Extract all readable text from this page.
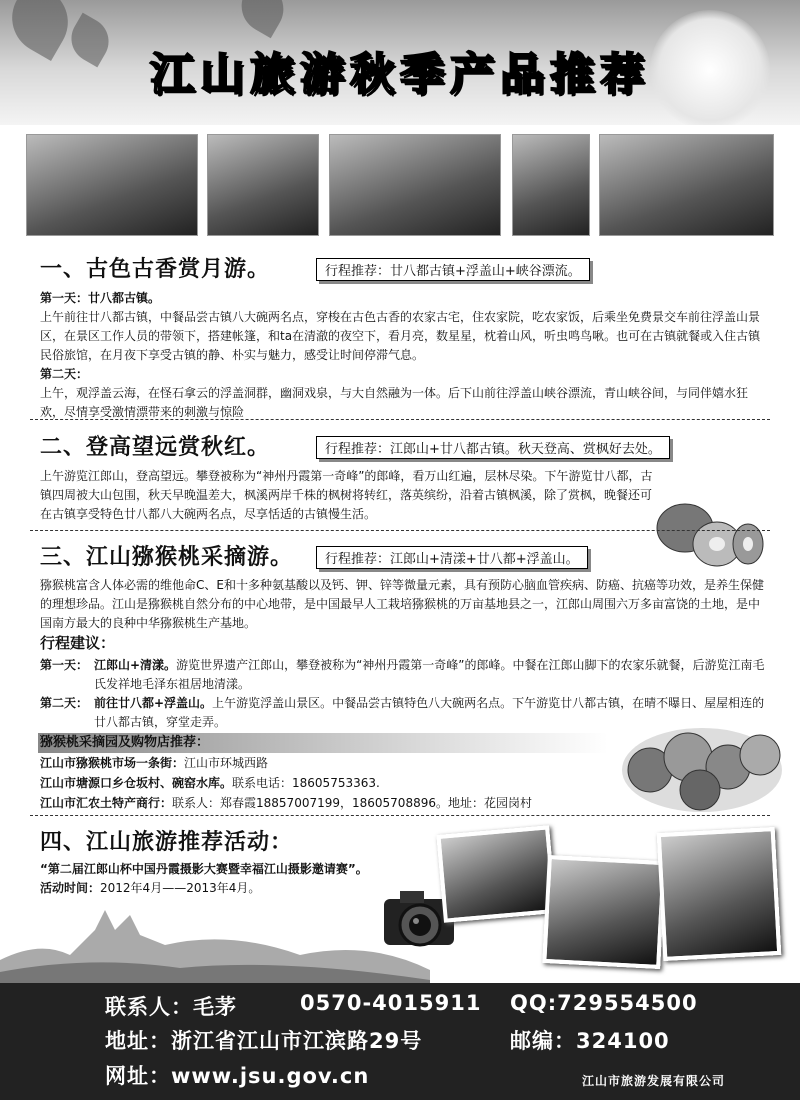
江山旅游秋季产品推荐
一、古色古香赏月游。	行程推荐：廿八都古镇+浮盖山+峡谷漂流。
第一天：廿八都古镇。
上午前往廿八都古镇，中餐品尝古镇八大碗两名点，穿梭在古色古香的农家古宅，住农家院，吃农家饭，后乘坐免费景交车前往浮盖山景区，在景区工作人员的带领下，搭建帐篷，和ta在清澈的夜空下，看月亮，数星星，枕着山风，听虫鸣鸟啾。也可在古镇就餐或入住古镇民俗旅馆，在月夜下享受古镇的静、朴实与魅力，感受让时间停滞气息。
第二天：
上午，观浮盖云海，在怪石拿云的浮盖洞群，幽洞戏泉，与大自然融为一体。后下山前往浮盖山峡谷漂流，青山峡谷间，与同伴嬉水狂欢，尽情享受激情漂带来的刺激与惊险
二、登高望远赏秋红。	行程推荐：江郎山+廿八都古镇。秋天登高、赏枫好去处。
上午游览江郎山，登高望远。攀登被称为“神州丹霞第一奇峰”的郎峰，看万山红遍，层林尽染。下午游览廿八都，古镇四周被大山包围，秋天早晚温差大，枫溪两岸千株的枫树将转红，落英缤纷，沿着古镇枫溪，除了赏枫，晚餐还可在古镇享受特色廿八都八大碗两名点，尽享恬适的古镇慢生活。
三、江山猕猴桃采摘游。	行程推荐：江郎山+清漾+廿八都+浮盖山。
猕猴桃富含人体必需的维他命C、E和十多种氨基酸以及钙、钾、锌等微量元素，具有预防心脑血管疾病、防癌、抗癌等功效，是养生保健的理想珍品。江山是猕猴桃自然分布的中心地带，是中国最早人工栽培猕猴桃的万亩基地县之一，江郎山周围六万多亩富饶的土地，是中国南方最大的良种中华猕猴桃生产基地。
行程建议：
第一天： 江郎山+清漾。游览世界遗产江郎山，攀登被称为“神州丹霞第一奇峰”的郎峰。中餐在江郎山脚下的农家乐就餐，后游览江南毛氏发祥地毛泽东祖居地清漾。
第二天： 前往廿八都+浮盖山。上午游览浮盖山景区。中餐品尝古镇特色八大碗两名点。下午游览廿八都古镇，在晴不曝日、屋屋相连的廿八都古镇，穿堂走弄。
猕猴桃采摘园及购物店推荐：
江山市猕猴桃市场一条街：江山市环城西路
江山市塘源口乡仓坂村、碗窑水库。联系电话：18605753363.
江山市汇农土特产商行：联系人：郑春霞18857007199，18605708896。地址：花园岗村
四、江山旅游推荐活动：
“第二届江郎山杯中国丹霞摄影大赛暨幸福江山摄影邀请赛”。
活动时间：2012年4月——2013年4月。
联系人：毛茅	0570-4015911 QQ:729554500
地址：浙江省江山市江滨路29号	邮编：324100
网址：www.jsu.gov.cn	江山市旅游发展有限公司
